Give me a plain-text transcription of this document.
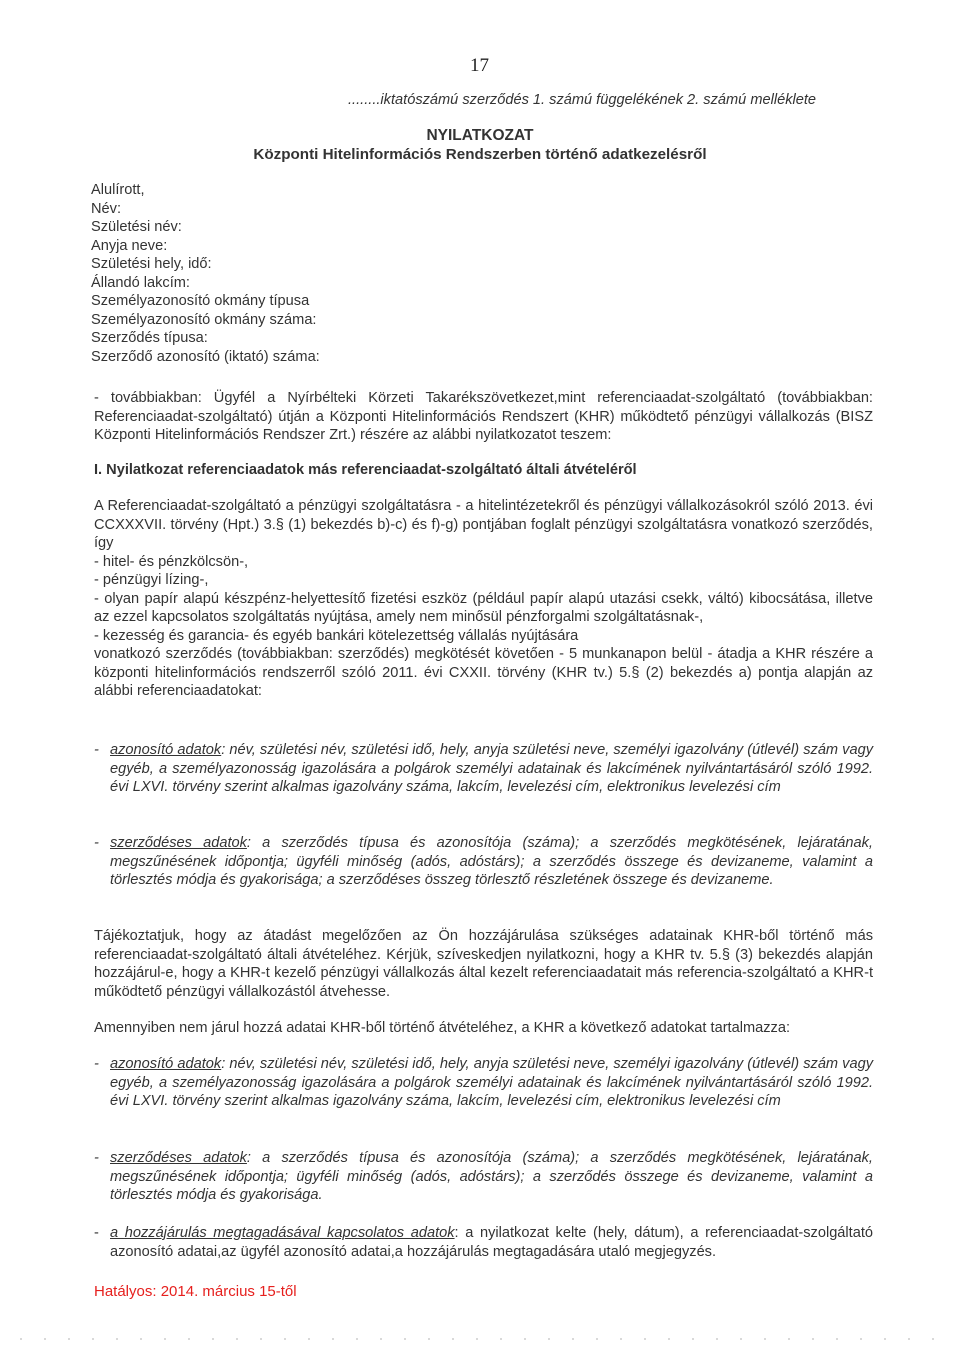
17
........iktatószámú szerződés 1. számú függelékének 2. számú melléklete
NYILATKOZAT
Központi Hitelinformációs Rendszerben történő adatkezelésről
Alulírott,
Név:
Születési név:
Anyja neve:
Születési hely, idő:
Állandó lakcím:
Személyazonosító okmány típusa
Személyazonosító okmány száma:
Szerződés típusa:
Szerződő azonosító (iktató) száma:

- továbbiakban: Ügyfél a Nyírbélteki Körzeti Takarékszövetkezet,mint referenciaadat-szolgáltató (továbbiakban: Referenciaadat-szolgáltató) útján a Központi Hitelinformációs Rendszert (KHR) működtető pénzügyi vállalkozás (BISZ Központi Hitelinformációs Rendszer Zrt.) részére az alábbi nyilatkozatot teszem:

I. Nyilatkozat referenciaadatok más referenciaadat-szolgáltató általi átvételéről

A Referenciaadat-szolgáltató a pénzügyi szolgáltatásra - a hitelintézetekről és pénzügyi vállalkozásokról szóló 2013. évi CCXXXVII. törvény (Hpt.) 3.§ (1) bekezdés b)-c) és f)-g) pontjában foglalt pénzügyi szolgáltatásra vonatkozó szerződés, így

- hitel- és pénzkölcsön-,

- pénzügyi lízing-,

- olyan papír alapú készpénz-helyettesítő fizetési eszköz (például papír alapú utazási csekk, váltó) kibocsátása, illetve az ezzel kapcsolatos szolgáltatás nyújtása, amely nem minősül pénzforgalmi szolgáltatásnak-,

- kezesség és garancia- és egyéb bankári kötelezettség vállalás nyújtására

vonatkozó szerződés (továbbiakban: szerződés) megkötését követően - 5 munkanapon belül - átadja a KHR részére a központi hitelinformációs rendszerről szóló 2011. évi CXXII. törvény (KHR tv.) 5.§ (2) bekezdés a) pontja alapján az alábbi referenciaadatokat:

- azonosító adatok: név, születési név, születési idő, hely, anyja születési neve, személyi igazolvány (útlevél) szám vagy egyéb, a személyazonosság igazolására a polgárok személyi adatainak és lakcímének nyilvántartásáról szóló 1992. évi LXVI. törvény szerint alkalmas igazolvány száma, lakcím, levelezési cím, elektronikus levelezési cím

- szerződéses adatok: a szerződés típusa és azonosítója (száma); a szerződés megkötésének, lejáratának, megszűnésének időpontja; ügyféli minőség (adós, adóstárs); a szerződés összege és devizaneme, valamint a törlesztés módja és gyakorisága; a szerződéses összeg törlesztő részletének összege és devizaneme.

Tájékoztatjuk, hogy az átadást megelőzően az Ön hozzájárulása szükséges adatainak KHR-ből történő más referenciaadat-szolgáltató általi átvételéhez. Kérjük, szíveskedjen nyilatkozni, hogy a KHR tv. 5.§ (3) bekezdés alapján hozzájárul-e, hogy a KHR-t kezelő pénzügyi vállalkozás által kezelt referenciaadatait más referencia-szolgáltató a KHR-t működtető pénzügyi vállalkozástól átvehesse.
Amennyiben nem járul hozzá adatai KHR-ből történő átvételéhez, a KHR a következő adatokat tartalmazza:

- azonosító adatok: név, születési név, születési idő, hely, anyja születési neve, személyi igazolvány (útlevél) szám vagy egyéb, a személyazonosság igazolására a polgárok személyi adatainak és lakcímének nyilvántartásáról szóló 1992. évi LXVI. törvény szerint alkalmas igazolvány száma, lakcím, levelezési cím, elektronikus levelezési cím

- szerződéses adatok: a szerződés típusa és azonosítója (száma); a szerződés megkötésének, lejáratának, megszűnésének időpontja; ügyféli minőség (adós, adóstárs); a szerződés összege és devizaneme, valamint a törlesztés módja és gyakorisága.

- a hozzájárulás megtagadásával kapcsolatos adatok: a nyilatkozat kelte (hely, dátum), a referenciaadat-szolgáltató azonosító adatai,az ügyfél azonosító adatai,a hozzájárulás megtagadására utaló megjegyzés.

Hatályos: 2014. március 15-től
